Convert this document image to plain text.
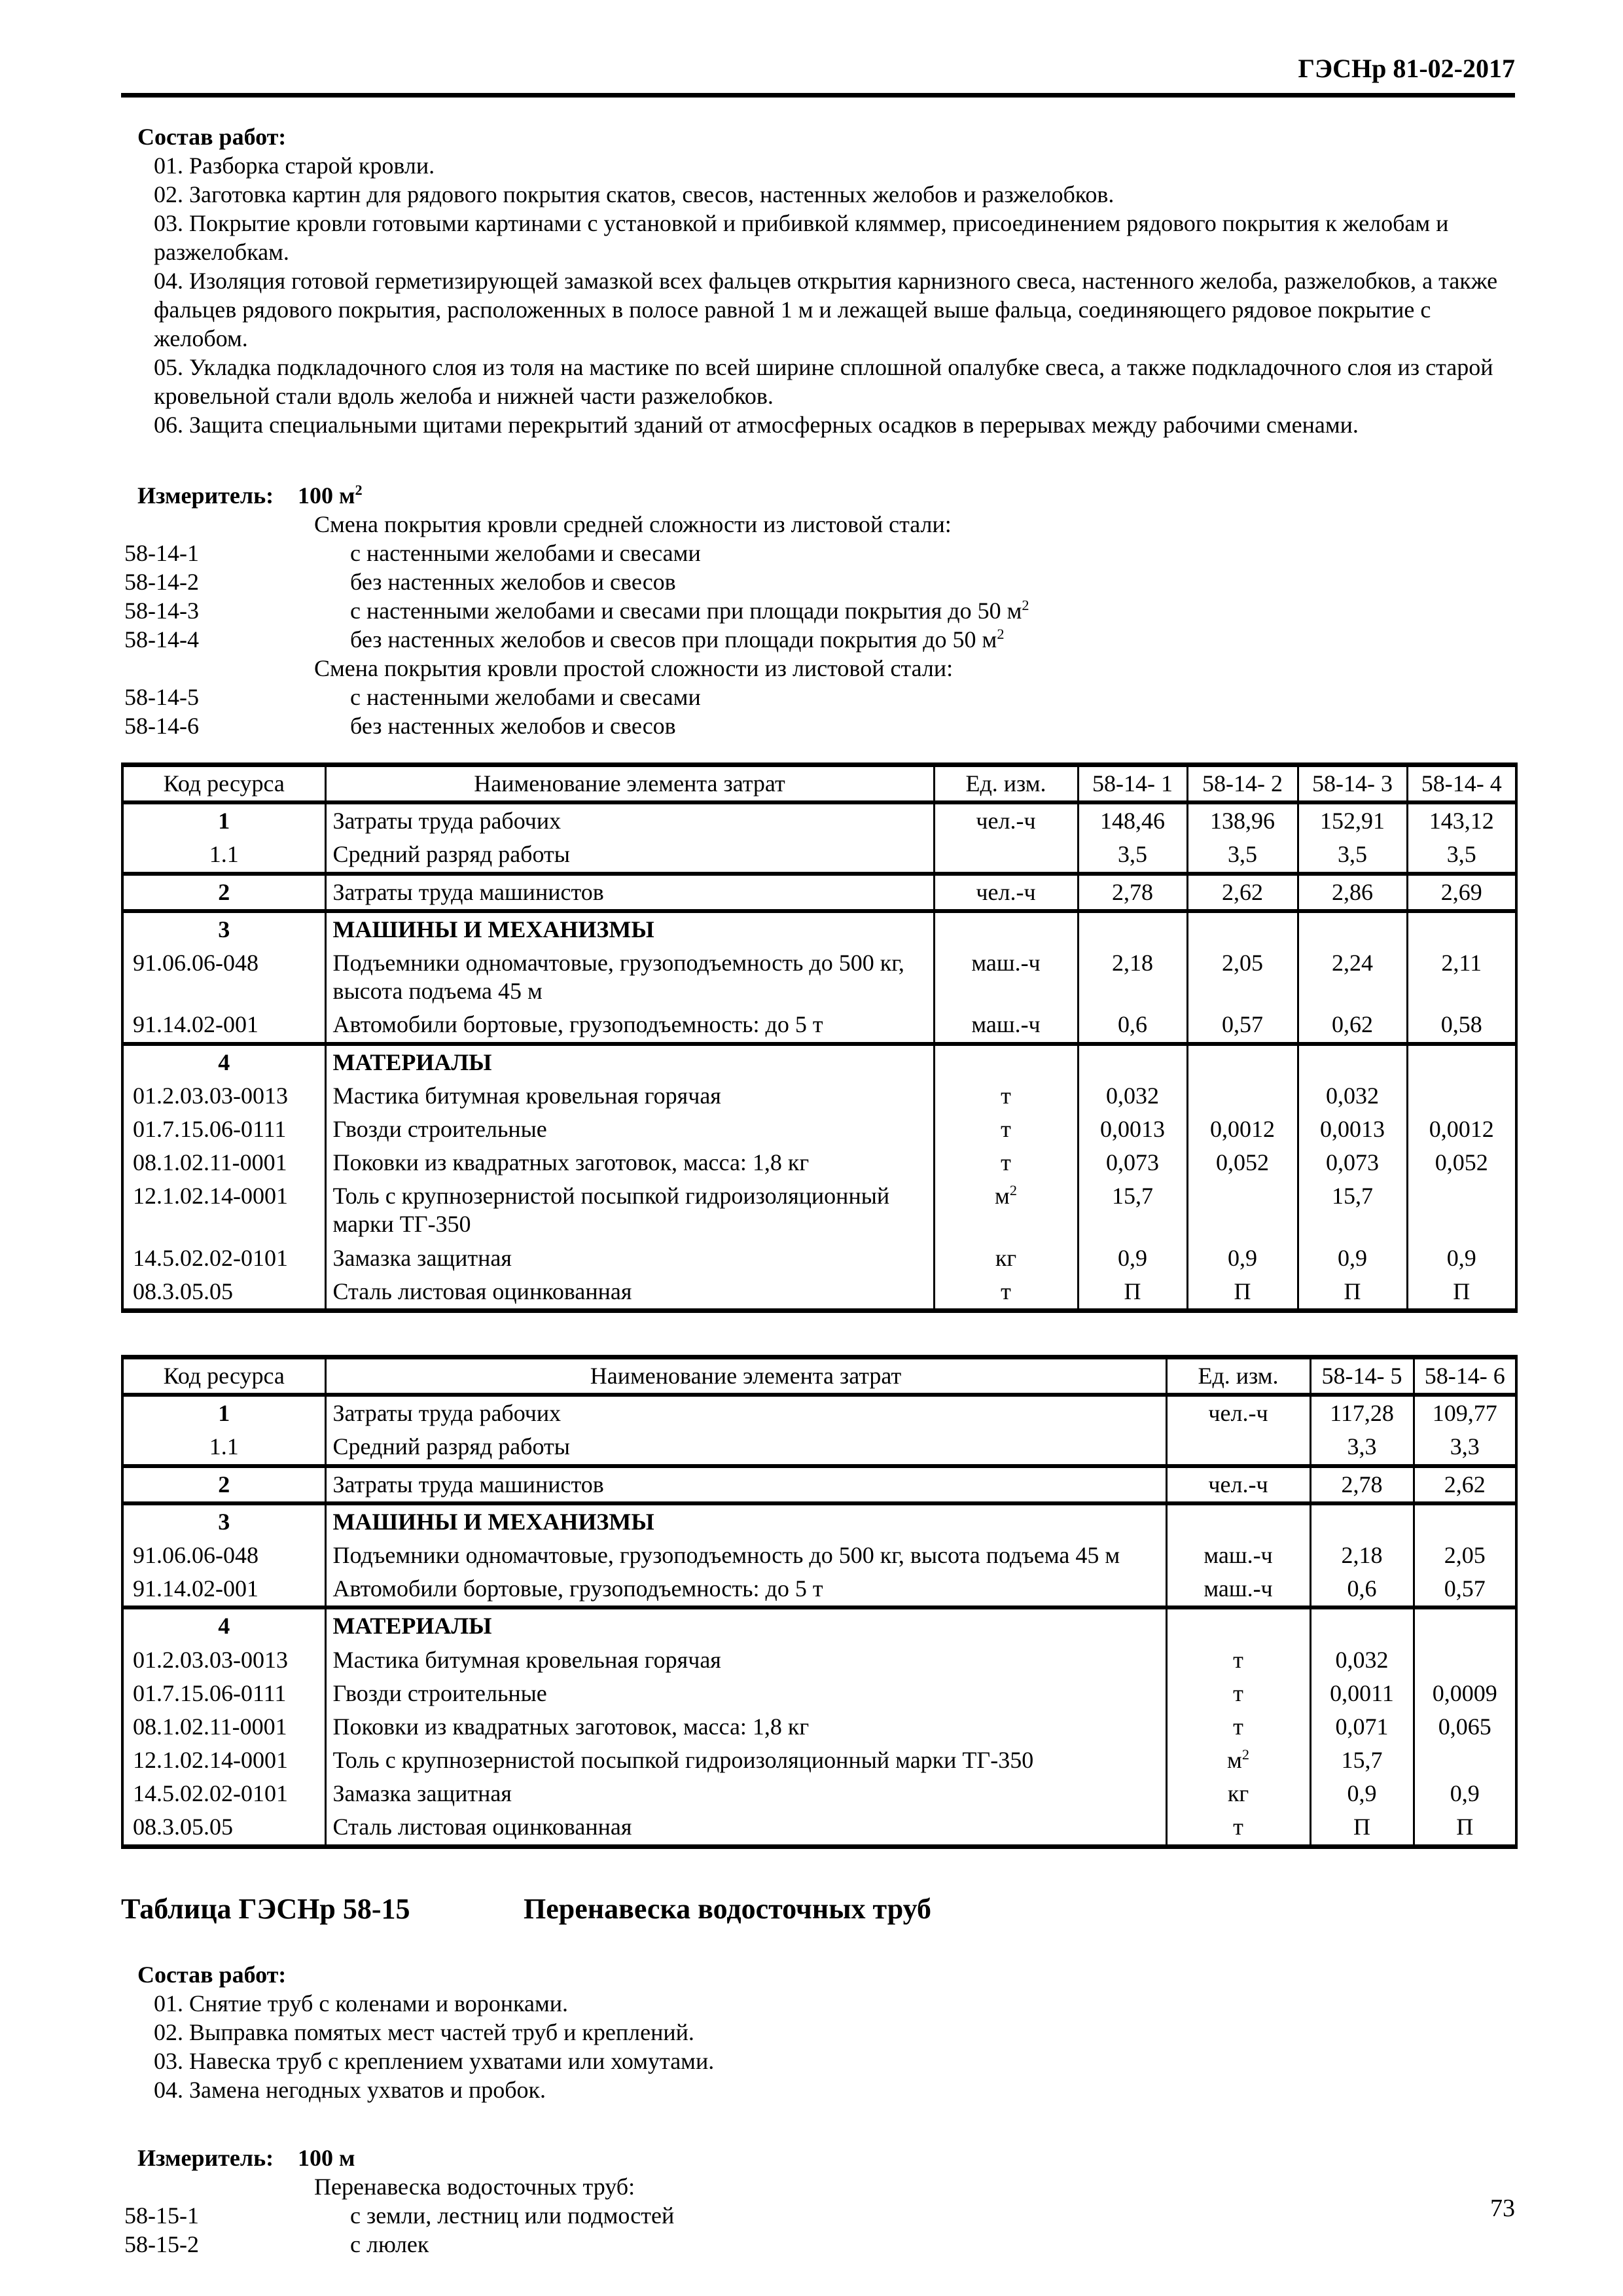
ГЭСНр 81-02-2017
Состав работ:
01. Разборка старой кровли.
02. Заготовка картин для рядового покрытия скатов, свесов, настенных желобов и разжелобков.
03. Покрытие кровли готовыми картинами с установкой и прибивкой кляммер, присоединением рядового покрытия к желобам и разжелобкам.
04. Изоляция готовой герметизирующей замазкой всех фальцев открытия карнизного свеса, настенного желоба, разжелобков, а также фальцев рядового покрытия, расположенных в полосе равной 1 м и лежащей выше фальца, соединяющего рядовое покрытие с желобом.
05. Укладка подкладочного слоя из толя на мастике по всей ширине сплошной опалубке свеса, а также подкладочного слоя из старой кровельной стали вдоль желоба и нижней части разжелобков.
06. Защита специальными щитами перекрытий зданий от атмосферных осадков в перерывах между рабочими сменами.
Измеритель:	100 $м^2$
Смена покрытия кровли средней сложности из листовой стали:
58-14-1	с настенными желобами и свесами
58-14-2	без настенных желобов и свесов
58-14-3	с настенными желобами и свесами при площади покрытия до 50 $м^2$
58-14-4	без настенных желобов и свесов при площади покрытия до 50 $м^2$
Смена покрытия кровли простой сложности из листовой стали:
58-14-5	с настенными желобами и свесами
58-14-6	без настенных желобов и свесов
Код ресурса	Наименование элемента затрат	Ед. изм.	58-14- 1	58-14- 2	58-14- 3	58-14- 4
1	Затраты труда рабочих	чел.-ч	148,46	138,96	152,91	143,12
1.1	Средний разряд работы		3,5	3,5	3,5	3,5
2	Затраты труда машинистов	чел.-ч	2,78	2,62	2,86	2,69
3	МАШИНЫ И МЕХАНИЗМЫ					
91.06.06-048	Подъемники одномачтовые, грузоподъемность до 500 кг, высота подъема 45 м	маш.-ч	2,18	2,05	2,24	2,11
91.14.02-001	Автомобили бортовые, грузоподъемность: до 5 т	маш.-ч	0,6	0,57	0,62	0,58
4	МАТЕРИАЛЫ					
01.2.03.03-0013	Мастика битумная кровельная горячая	т	0,032		0,032	
01.7.15.06-0111	Гвозди строительные	т	0,0013	0,0012	0,0013	0,0012
08.1.02.11-0001	Поковки из квадратных заготовок, масса: 1,8 кг	т	0,073	0,052	0,073	0,052
12.1.02.14-0001	Толь с крупнозернистой посыпкой гидроизоляционный марки ТГ-350	$м^2$	15,7		15,7	
14.5.02.02-0101	Замазка защитная	кг	0,9	0,9	0,9	0,9
08.3.05.05	Сталь листовая оцинкованная	т	П	П	П	П
Код ресурса	Наименование элемента затрат	Ед. изм.	58-14- 5	58-14- 6
1	Затраты труда рабочих	чел.-ч	117,28	109,77
1.1	Средний разряд работы		3,3	3,3
2	Затраты труда машинистов	чел.-ч	2,78	2,62
3	МАШИНЫ И МЕХАНИЗМЫ			
91.06.06-048	Подъемники одномачтовые, грузоподъемность до 500 кг, высота подъема 45 м	маш.-ч	2,18	2,05
91.14.02-001	Автомобили бортовые, грузоподъемность: до 5 т	маш.-ч	0,6	0,57
4	МАТЕРИАЛЫ			
01.2.03.03-0013	Мастика битумная кровельная горячая	т	0,032	
01.7.15.06-0111	Гвозди строительные	т	0,0011	0,0009
08.1.02.11-0001	Поковки из квадратных заготовок, масса: 1,8 кг	т	0,071	0,065
12.1.02.14-0001	Толь с крупнозернистой посыпкой гидроизоляционный марки ТГ-350	$м^2$	15,7	
14.5.02.02-0101	Замазка защитная	кг	0,9	0,9
08.3.05.05	Сталь листовая оцинкованная	т	П	П
Таблица ГЭСНр 58-15	Перенавеска водосточных труб
Состав работ:
01. Снятие труб с коленами и воронками.
02. Выправка помятых мест частей труб и креплений.
03. Навеска труб с креплением ухватами или хомутами.
04. Замена негодных ухватов и пробок.
Измеритель:	100 м
Перенавеска водосточных труб:
58-15-1	с земли, лестниц или подмостей
58-15-2	с люлек
73
